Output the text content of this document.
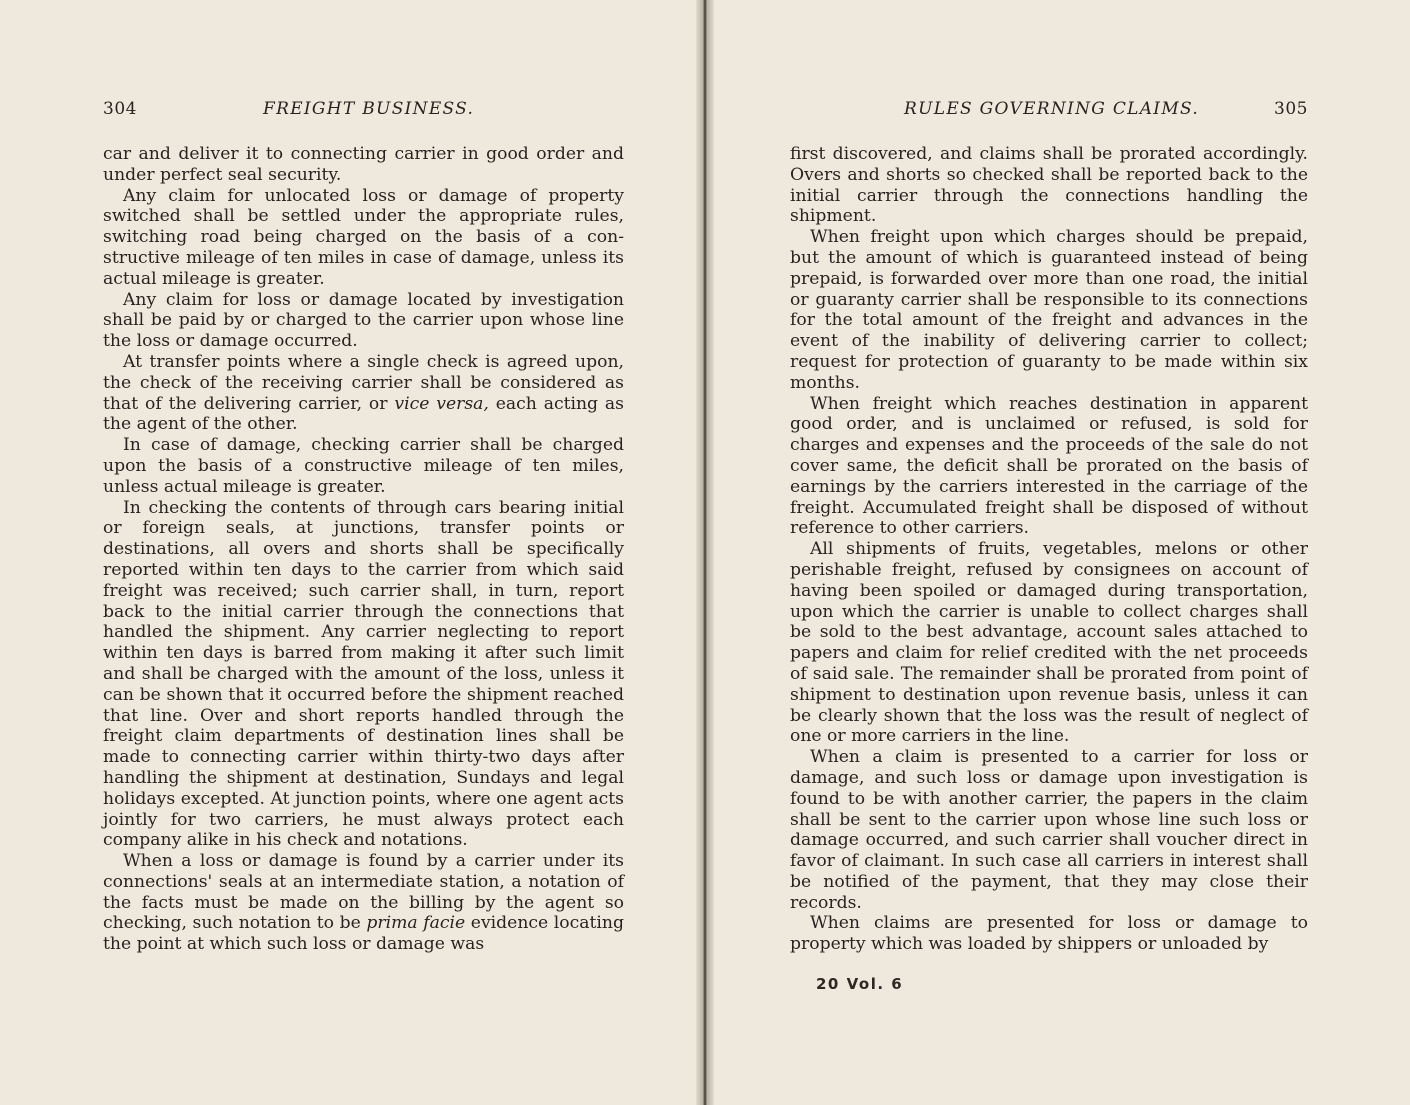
304	FREIGHT BUSINESS.

car and deliver it to connecting carrier in good order and under perfect seal security.

Any claim for unlocated loss or damage of property switched shall be settled under the appropriate rules, switching road being charged on the basis of a constructive mileage of ten miles in case of damage, unless its actual mileage is greater.

Any claim for loss or damage located by investigation shall be paid by or charged to the carrier upon whose line the loss or damage occurred.

At transfer points where a single check is agreed upon, the check of the receiving carrier shall be considered as that of the delivering carrier, or vice versa, each acting as the agent of the other.

In case of damage, checking carrier shall be charged upon the basis of a constructive mileage of ten miles, unless actual mileage is greater.

In checking the contents of through cars bearing initial or foreign seals, at junctions, transfer points or destinations, all overs and shorts shall be specifically reported within ten days to the carrier from which said freight was received; such carrier shall, in turn, report back to the initial carrier through the connections that handled the shipment. Any carrier neglecting to report within ten days is barred from making it after such limit and shall be charged with the amount of the loss, unless it can be shown that it occurred before the shipment reached that line. Over and short reports handled through the freight claim departments of destination lines shall be made to connecting carrier within thirty-two days after handling the shipment at destination, Sundays and legal holidays excepted. At junction points, where one agent acts jointly for two carriers, he must always protect each company alike in his check and notations.

When a loss or damage is found by a carrier under its connections' seals at an intermediate station, a notation of the facts must be made on the billing by the agent so checking, such notation to be prima facie evidence locating the point at which such loss or damage was

RULES GOVERNING CLAIMS.	305

first discovered, and claims shall be prorated accordingly. Overs and shorts so checked shall be reported back to the initial carrier through the connections handling the shipment.

When freight upon which charges should be prepaid, but the amount of which is guaranteed instead of being prepaid, is forwarded over more than one road, the initial or guaranty carrier shall be responsible to its connections for the total amount of the freight and advances in the event of the inability of delivering carrier to collect; request for protection of guaranty to be made within six months.

When freight which reaches destination in apparent good order, and is unclaimed or refused, is sold for charges and expenses and the proceeds of the sale do not cover same, the deficit shall be prorated on the basis of earnings by the carriers interested in the carriage of the freight. Accumulated freight shall be disposed of without reference to other carriers.

All shipments of fruits, vegetables, melons or other perishable freight, refused by consignees on account of having been spoiled or damaged during transportation, upon which the carrier is unable to collect charges shall be sold to the best advantage, account sales attached to papers and claim for relief credited with the net proceeds of said sale. The remainder shall be prorated from point of shipment to destination upon revenue basis, unless it can be clearly shown that the loss was the result of neglect of one or more carriers in the line.

When a claim is presented to a carrier for loss or damage, and such loss or damage upon investigation is found to be with another carrier, the papers in the claim shall be sent to the carrier upon whose line such loss or damage occurred, and such carrier shall voucher direct in favor of claimant. In such case all carriers in interest shall be notified of the payment, that they may close their records.

When claims are presented for loss or damage to property which was loaded by shippers or unloaded by

20 Vol. 6
